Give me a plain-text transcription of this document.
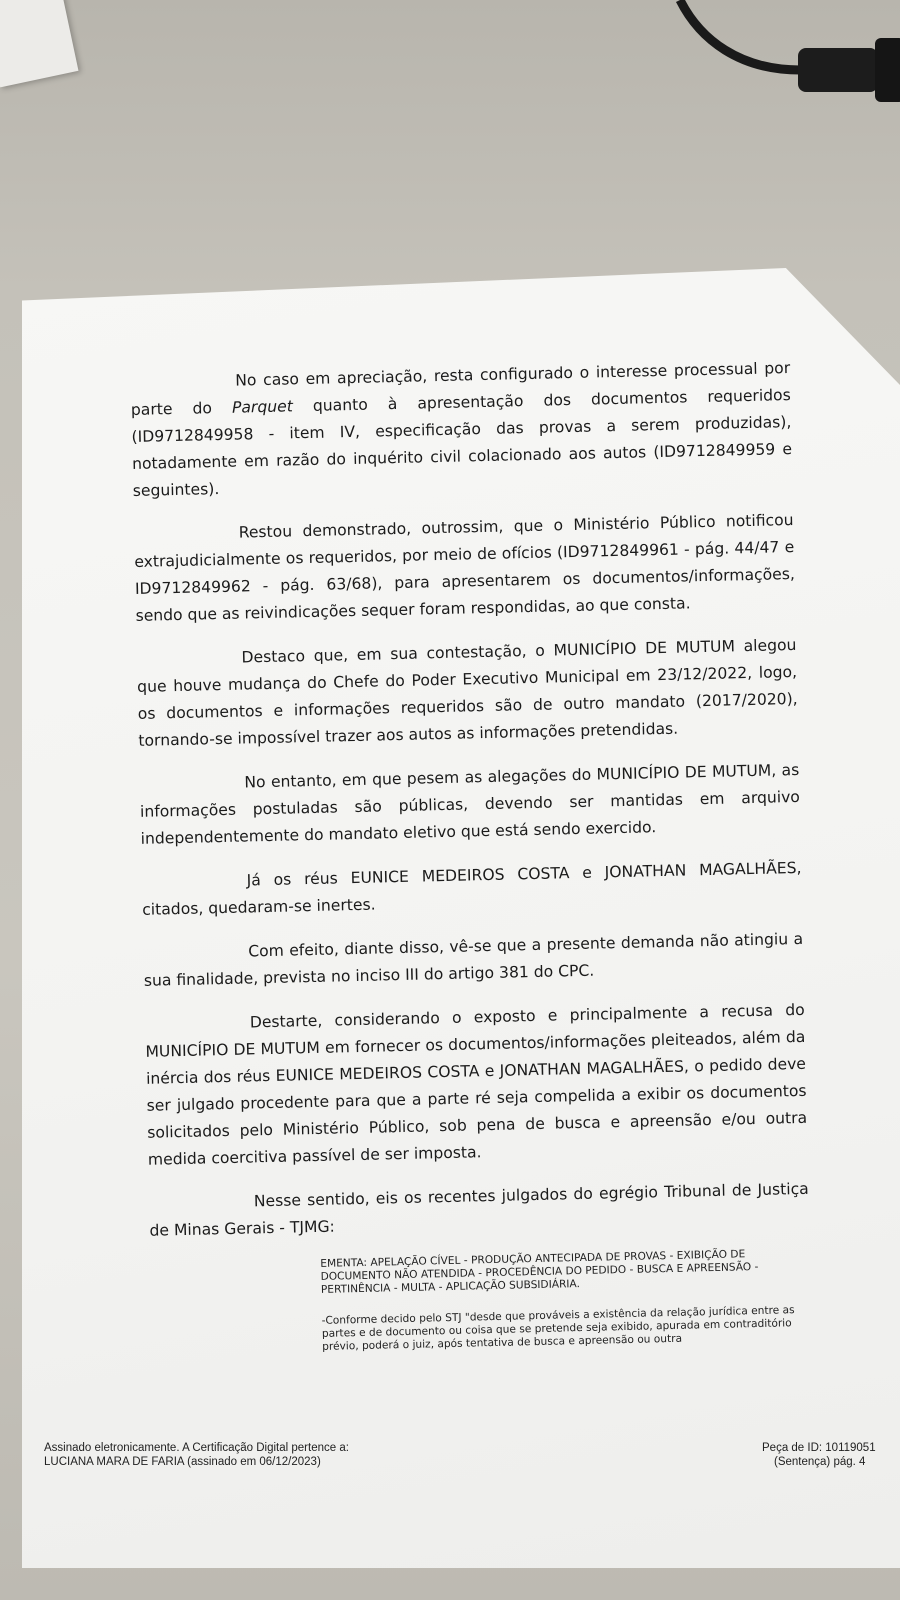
No caso em apreciação, resta configurado o interesse processual por parte do Parquet quanto à apresentação dos documentos requeridos (ID9712849958 - item IV, especificação das provas a serem produzidas), notadamente em razão do inquérito civil colacionado aos autos (ID9712849959 e seguintes).

Restou demonstrado, outrossim, que o Ministério Público notificou extrajudicialmente os requeridos, por meio de ofícios (ID9712849961 - pág. 44/47 e ID9712849962 - pág. 63/68), para apresentarem os documentos/informações, sendo que as reivindicações sequer foram respondidas, ao que consta.

Destaco que, em sua contestação, o MUNICÍPIO DE MUTUM alegou que houve mudança do Chefe do Poder Executivo Municipal em 23/12/2022, logo, os documentos e informações requeridos são de outro mandato (2017/2020), tornando-se impossível trazer aos autos as informações pretendidas.

No entanto, em que pesem as alegações do MUNICÍPIO DE MUTUM, as informações postuladas são públicas, devendo ser mantidas em arquivo independentemente do mandato eletivo que está sendo exercido.

Já os réus EUNICE MEDEIROS COSTA e JONATHAN MAGALHÃES, citados, quedaram-se inertes.

Com efeito, diante disso, vê-se que a presente demanda não atingiu a sua finalidade, prevista no inciso III do artigo 381 do CPC.

Destarte, considerando o exposto e principalmente a recusa do MUNICÍPIO DE MUTUM em fornecer os documentos/informações pleiteados, além da inércia dos réus EUNICE MEDEIROS COSTA e JONATHAN MAGALHÃES, o pedido deve ser julgado procedente para que a parte ré seja compelida a exibir os documentos solicitados pelo Ministério Público, sob pena de busca e apreensão e/ou outra medida coercitiva passível de ser imposta.

Nesse sentido, eis os recentes julgados do egrégio Tribunal de Justiça de Minas Gerais - TJMG:

EMENTA: APELAÇÃO CÍVEL - PRODUÇÃO ANTECIPADA DE PROVAS - EXIBIÇÃO DE DOCUMENTO NÃO ATENDIDA - PROCEDÊNCIA DO PEDIDO - BUSCA E APREENSÃO - PERTINÊNCIA - MULTA - APLICAÇÃO SUBSIDIÁRIA.

-Conforme decido pelo STJ "desde que prováveis a existência da relação jurídica entre as partes e de documento ou coisa que se pretende seja exibido, apurada em contraditório prévio, poderá o juiz, após tentativa de busca e apreensão ou outra

Assinado eletronicamente. A Certificação Digital pertence a:
LUCIANA MARA DE FARIA (assinado em 06/12/2023)
Peça de ID: 10119051
(Sentença) pág. 4
